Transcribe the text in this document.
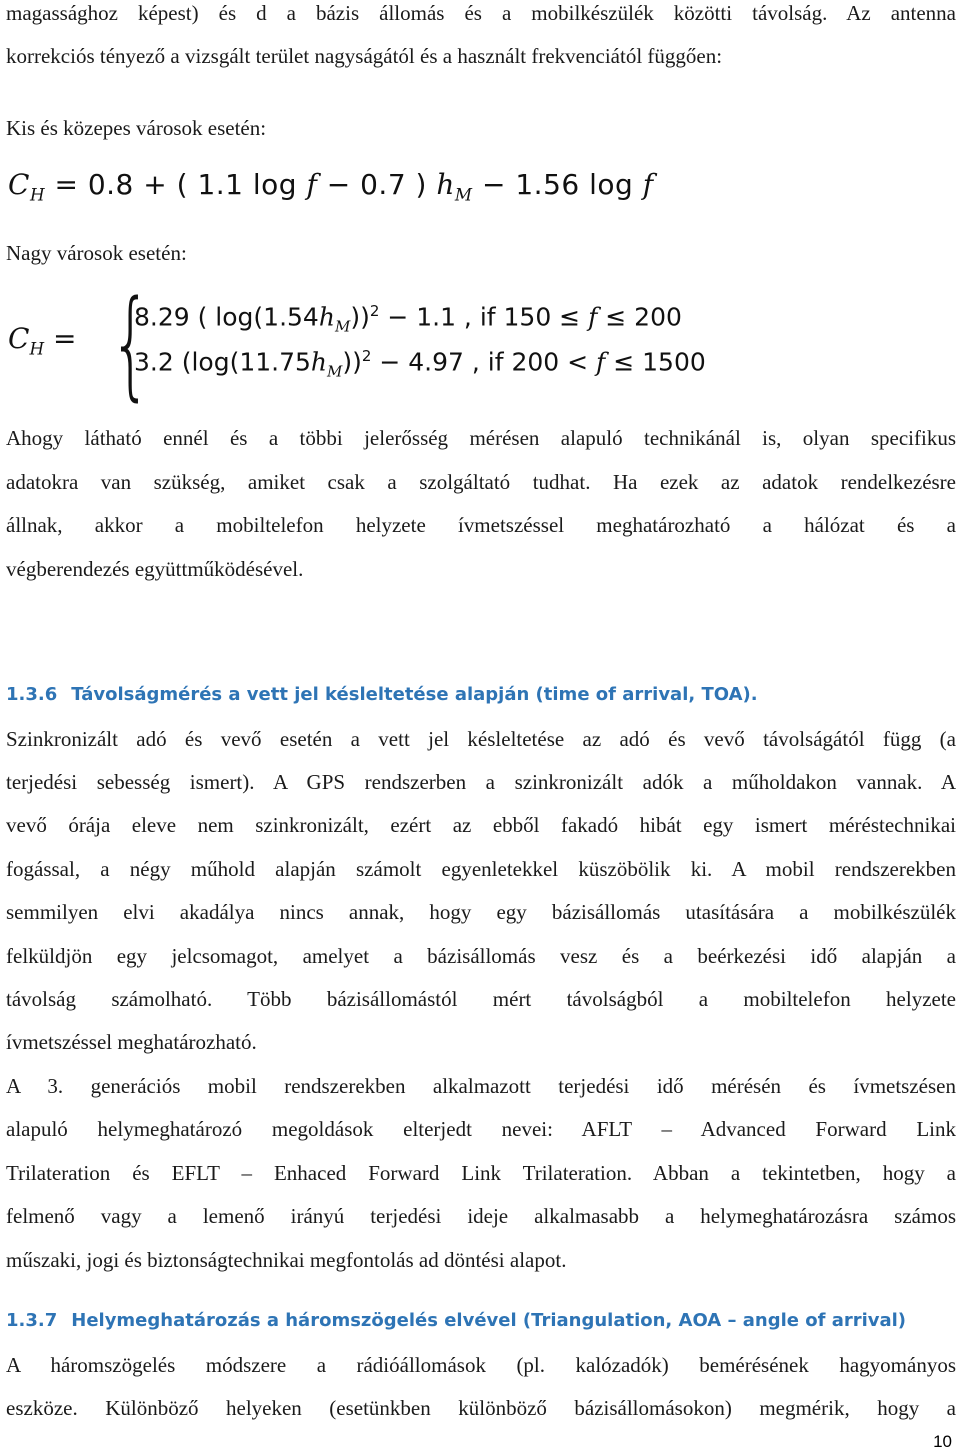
magassághoz képest) és d a bázis állomás és a mobilkészülék közötti távolság. Az antenna
korrekciós tényező a vizsgált terület nagyságától és a használt frekvenciától függően:
Kis és közepes városok esetén:
$C_H = 0.8$ + ( 1.1 log f − 0.7 ) $h_M - 1.56$ log f
Nagy városok esetén:
$C_H$ = {
8.29 ( $\log(1.54h_M))^2 - 1.1$ , if 150 ≤ f ≤ 200
3.2 $(\log(11.75h_M))^2 - 4.97$ , if 200 < f ≤ 1500
Ahogy látható ennél és a többi jelerősség mérésen alapuló technikánál is, olyan specifikus
adatokra van szükség, amiket csak a szolgáltató tudhat. Ha ezek az adatok rendelkezésre
állnak, akkor a mobiltelefon helyzete ívmetszéssel meghatározható a hálózat és a
végberendezés együttműködésével.
1.3.6 Távolságmérés a vett jel késleltetése alapján (time of arrival, TOA).
Szinkronizált adó és vevő esetén a vett jel késleltetése az adó és vevő távolságától függ (a
terjedési sebesség ismert). A GPS rendszerben a szinkronizált adók a műholdakon vannak. A
vevő órája eleve nem szinkronizált, ezért az ebből fakadó hibát egy ismert méréstechnikai
fogással, a négy műhold alapján számolt egyenletekkel küszöbölik ki. A mobil rendszerekben
semmilyen elvi akadálya nincs annak, hogy egy bázisállomás utasítására a mobilkészülék
felküldjön egy jelcsomagot, amelyet a bázisállomás vesz és a beérkezési idő alapján a
távolság számolható. Több bázisállomástól mért távolságból a mobiltelefon helyzete
ívmetszéssel meghatározható.
A 3. generációs mobil rendszerekben alkalmazott terjedési idő mérésén és ívmetszésen
alapuló helymeghatározó megoldások elterjedt nevei: AFLT – Advanced Forward Link
Trilateration és EFLT – Enhaced Forward Link Trilateration. Abban a tekintetben, hogy a
felmenő vagy a lemenő irányú terjedési ideje alkalmasabb a helymeghatározásra számos
műszaki, jogi és biztonságtechnikai megfontolás ad döntési alapot.
1.3.7 Helymeghatározás a háromszögelés elvével (Triangulation, AOA – angle of arrival)
A háromszögelés módszere a rádióállomások (pl. kalózadók) bemérésének hagyományos
eszköze. Különböző helyeken (esetünkben különböző bázisállomásokon) megmérik, hogy a
10
